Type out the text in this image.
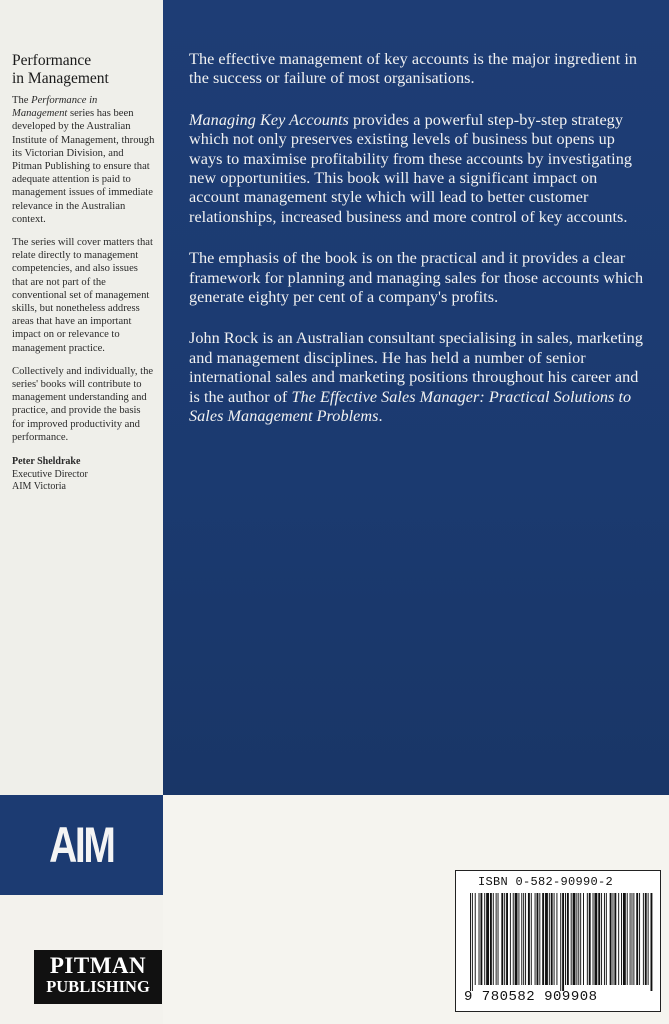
Performance
in Management

The Performance in Management series has been developed by the Australian Institute of Management, through its Victorian Division, and Pitman Publishing to ensure that adequate attention is paid to management issues of immediate relevance in the Australian context.

The series will cover matters that relate directly to management competencies, and also issues that are not part of the conventional set of management skills, but nonetheless address areas that have an important impact on or relevance to management practice.

Collectively and individually, the series' books will contribute to management understanding and practice, and provide the basis for improved productivity and performance.

Peter Sheldrake
Executive Director
AIM Victoria

The effective management of key accounts is the major ingredient in the success or failure of most organisations.

Managing Key Accounts provides a powerful step-by-step strategy which not only preserves existing levels of business but opens up ways to maximise profitability from these accounts by investigating new opportunities. This book will have a significant impact on account management style which will lead to better customer relationships, increased business and more control of key accounts.

The emphasis of the book is on the practical and it provides a clear framework for planning and managing sales for those accounts which generate eighty per cent of a company's profits.

John Rock is an Australian consultant specialising in sales, marketing and management disciplines. He has held a number of senior international sales and marketing positions throughout his career and is the author of The Effective Sales Manager: Practical Solutions to Sales Management Problems.

AIM
PITMAN
PUBLISHING
ISBN 0-582-90990-2
9 780582 909908
